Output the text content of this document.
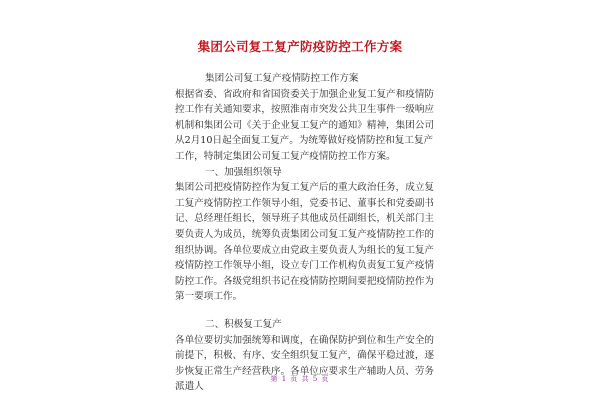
集团公司复工复产防疫防控工作方案

集团公司复工复产疫情防控工作方案

根据省委、省政府和省国资委关于加强企业复工复产和疫情防控工作有关通知要求，按照淮南市突发公共卫生事件一级响应机制和集团公司《关于企业复工复产的通知》精神，集团公司从2月10日起全面复工复产。为统筹做好疫情防控和复工复产工作，特制定集团公司复工复产疫情防控工作方案。

一、加强组织领导

集团公司把疫情防控作为复工复产后的重大政治任务，成立复工复产疫情防控工作领导小组，党委书记、董事长和党委副书记、总经理任组长，领导班子其他成员任副组长，机关部门主要负责人为成员，统筹负责集团公司复工复产疫情防控工作的组织协调。各单位要成立由党政主要负责人为组长的复工复产疫情防控工作领导小组，设立专门工作机构负责复工复产疫情防控工作。各级党组织书记在疫情防控期间要把疫情防控作为第一要项工作。

二、积极复工复产

各单位要切实加强统筹和调度，在确保防护到位和生产安全的前提下，积极、有序、安全组织复工复产，确保平稳过渡，逐步恢复正常生产经营秩序。各单位应要求生产辅助人员、劳务派遣人

第 1 页 共 5 页
